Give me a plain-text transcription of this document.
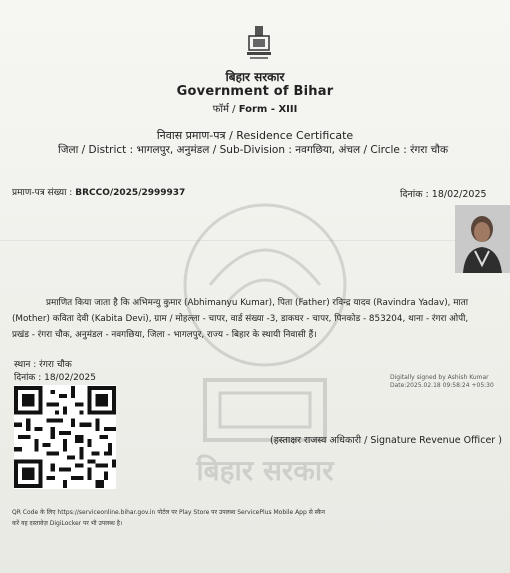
बिहार सरकार
बिहार सरकार
Government of Bihar
फॉर्म / Form - XIII
निवास प्रमाण-पत्र / Residence Certificate
जिला / District : भागलपुर, अनुमंडल / Sub-Division : नवगछिया, अंचल / Circle : रंगरा चौक
प्रमाण-पत्र संख्या : BRCCO/2025/2999937	दिनांक : 18/02/2025
प्रमाणित किया जाता है कि अभिमन्यु कुमार (Abhimanyu Kumar), पिता (Father) रविन्द्र यादव (Ravindra Yadav), माता
(Mother) कविता देवी (Kabita Devi), ग्राम / मोहल्ला - चापर, वार्ड संख्या -3, डाकघर - चापर, पिनकोड - 853204, थाना - रंगरा ओपी,
प्रखंड - रंगरा चौक, अनुमंडल - नवगछिया, जिला - भागलपुर, राज्य - बिहार के स्थायी निवासी हैं।
स्थान : रंगरा चौक
दिनांक : 18/02/2025	Digitally signed by Ashish Kumar Date:2025.02.18 09:58:24 +05:30
(हस्ताक्षर राजस्व अधिकारी / Signature Revenue Officer )
QR Code के लिए https://serviceonline.bihar.gov.in पोर्टल पर Play Store पर उपलब्ध ServicePlus Mobile App से स्कैन
करें यह दस्तावेज़ DigiLocker पर भी उपलब्ध है।
